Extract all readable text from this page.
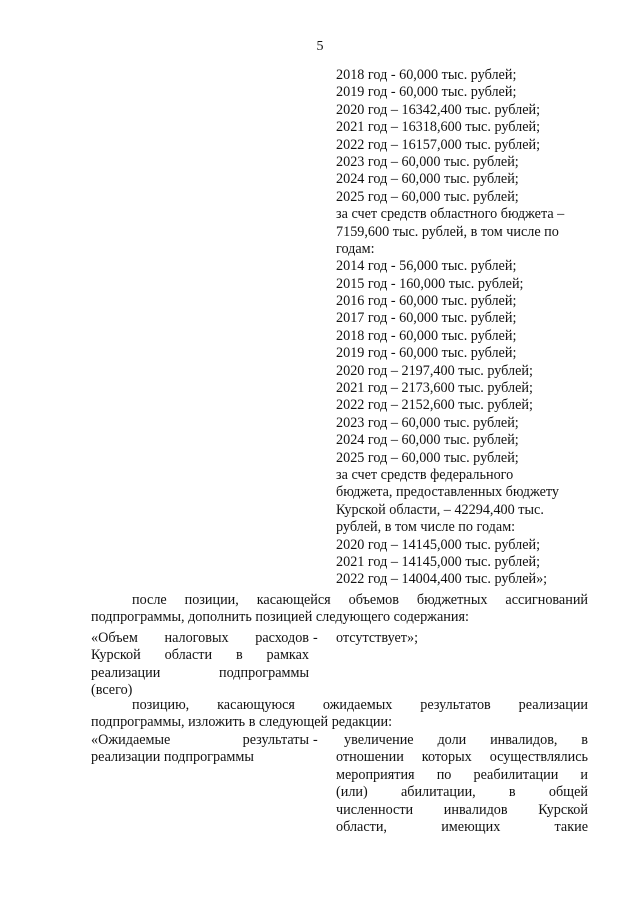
5
2018 год - 60,000 тыс. рублей;
2019 год - 60,000 тыс. рублей;
2020 год – 16342,400 тыс. рублей;
2021 год – 16318,600 тыс. рублей;
2022 год – 16157,000 тыс. рублей;
2023 год – 60,000 тыс. рублей;
2024 год – 60,000 тыс. рублей;
2025 год – 60,000 тыс. рублей;
за счет средств областного бюджета –
7159,600 тыс. рублей, в том числе по
годам:
2014 год - 56,000 тыс. рублей;
2015 год - 160,000 тыс. рублей;
2016 год - 60,000 тыс. рублей;
2017 год - 60,000 тыс. рублей;
2018 год - 60,000 тыс. рублей;
2019 год - 60,000 тыс. рублей;
2020 год – 2197,400 тыс. рублей;
2021 год – 2173,600 тыс. рублей;
2022 год – 2152,600 тыс. рублей;
2023 год – 60,000 тыс. рублей;
2024 год – 60,000 тыс. рублей;
2025 год – 60,000 тыс. рублей;
за счет средств федерального
бюджета, предоставленных бюджету
Курской области, – 42294,400 тыс.
рублей, в том числе по годам:
2020 год – 14145,000 тыс. рублей;
2021 год – 14145,000 тыс. рублей;
2022 год – 14004,400 тыс. рублей»;
после позиции, касающейся объемов бюджетных ассигнований
подпрограммы, дополнить позицией следующего содержания:
«Объем налоговых расходов
Курской области в рамках
реализации подпрограммы
(всего)
- отсутствует»;
позицию, касающуюся ожидаемых результатов реализации
подпрограммы, изложить в следующей редакции:
«Ожидаемые результаты
реализации подпрограммы
- увеличение доли инвалидов, в
отношении которых осуществлялись
мероприятия по реабилитации и
(или) абилитации, в общей
численности инвалидов Курской
области, имеющих такие
